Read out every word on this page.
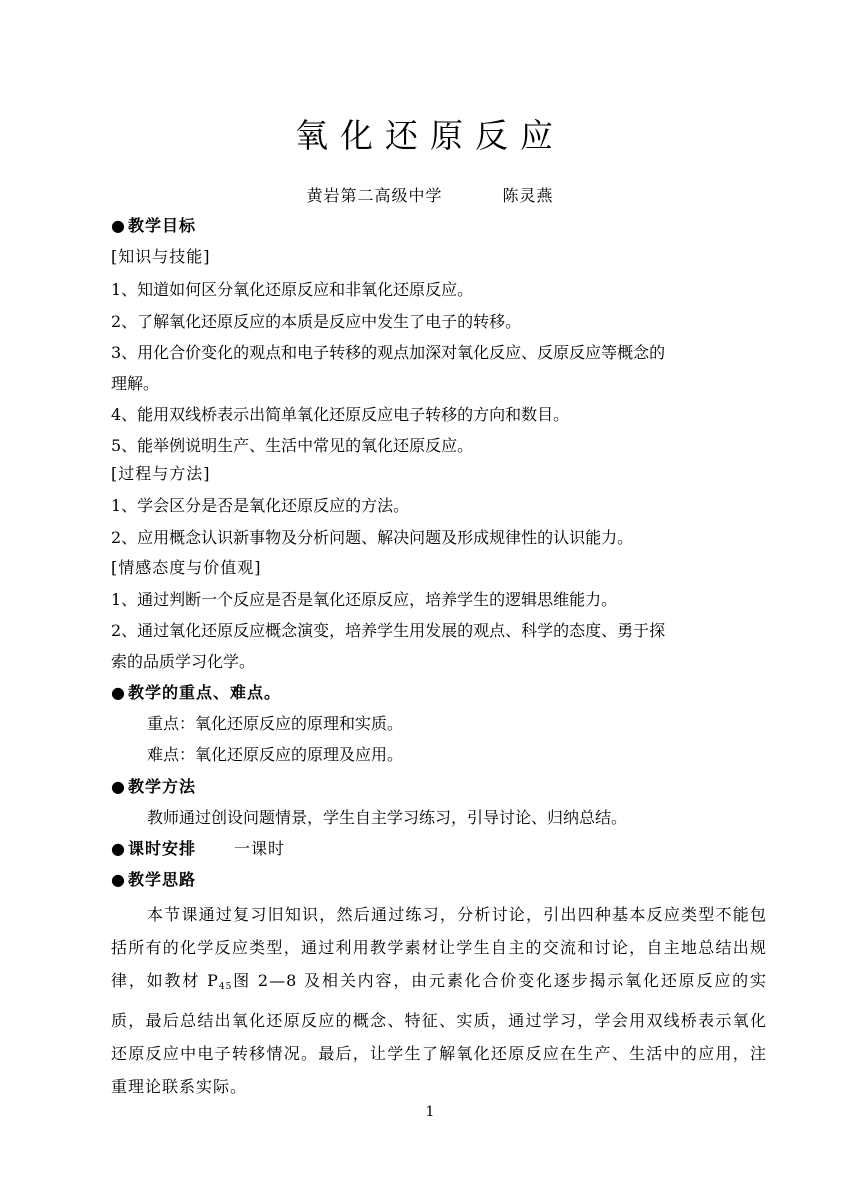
氧化还原反应
黄岩第二高级中学	陈灵燕
● 教学目标
[知识与技能]
1、知道如何区分氧化还原反应和非氧化还原反应。
2、了解氧化还原反应的本质是反应中发生了电子的转移。
3、用化合价变化的观点和电子转移的观点加深对氧化反应、反原反应等概念的
理解。
4、能用双线桥表示出简单氧化还原反应电子转移的方向和数目。
5、能举例说明生产、生活中常见的氧化还原反应。
[过程与方法]
1、学会区分是否是氧化还原反应的方法。
2、应用概念认识新事物及分析问题、解决问题及形成规律性的认识能力。
[情感态度与价值观]
1、通过判断一个反应是否是氧化还原反应，培养学生的逻辑思维能力。
2、通过氧化还原反应概念演变，培养学生用发展的观点、科学的态度、勇于探
索的品质学习化学。
● 教学的重点、难点。
重点：氧化还原反应的原理和实质。
难点：氧化还原反应的原理及应用。
● 教学方法
教师通过创设问题情景，学生自主学习练习，引导讨论、归纳总结。
● 课时安排 一课时
● 教学思路
本节课通过复习旧知识，然后通过练习，分析讨论，引出四种基本反应类型不能包括所有的化学反应类型，通过利用教学素材让学生自主的交流和讨论，自主地总结出规律，如教材 $P_{45}$图 2—8 及相关内容，由元素化合价变化逐步揭示氧化还原反应的实质，最后总结出氧化还原反应的概念、特征、实质，通过学习，学会用双线桥表示氧化还原反应中电子转移情况。最后，让学生了解氧化还原反应在生产、生活中的应用，注重理论联系实际。
1
